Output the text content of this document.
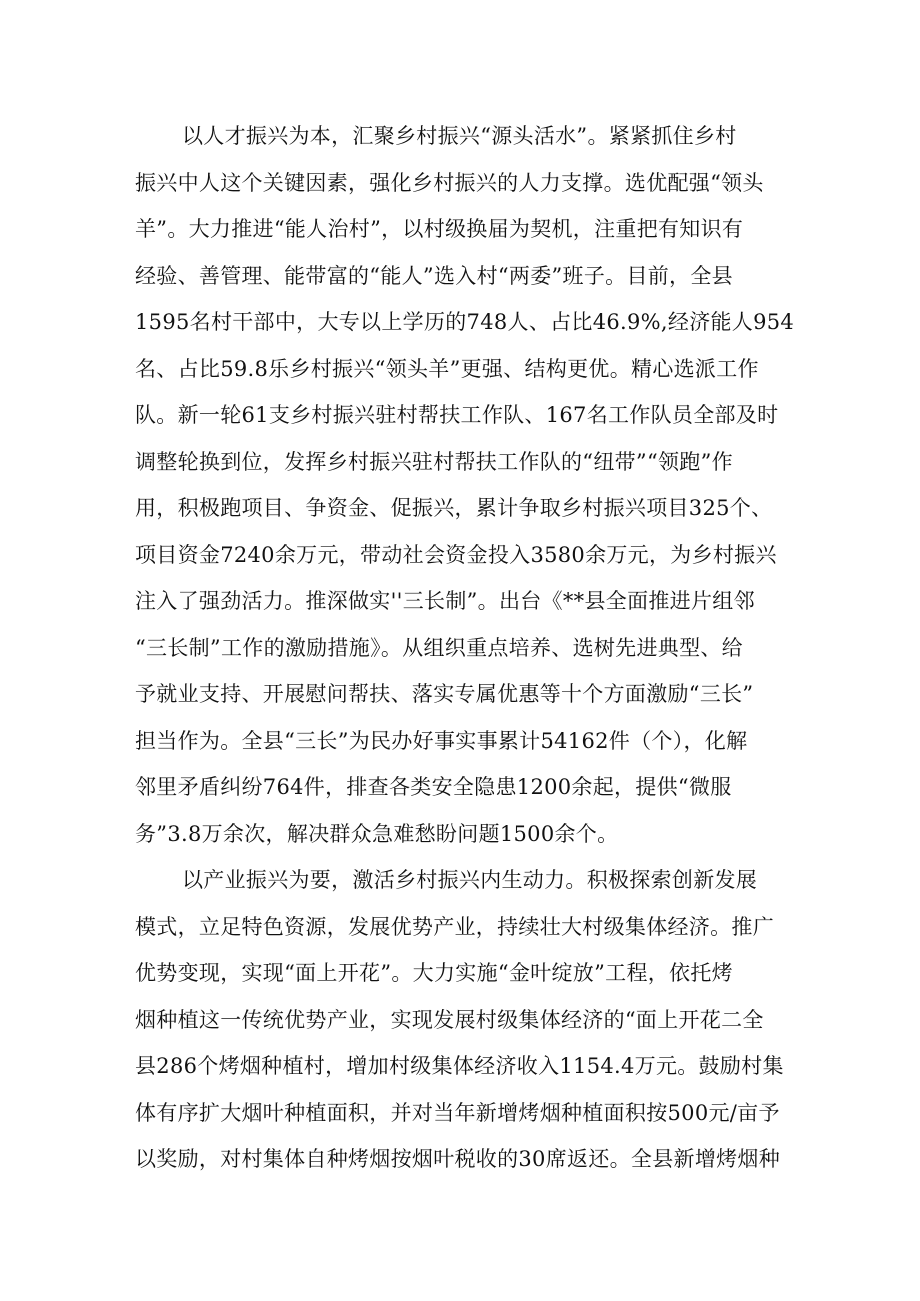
以人才振兴为本，汇聚乡村振兴“源头活水”。紧紧抓住乡村
振兴中人这个关键因素，强化乡村振兴的人力支撑。选优配强“领头
羊”。大力推进“能人治村”，以村级换届为契机，注重把有知识有
经验、善管理、能带富的“能人”选入村“两委”班子。目前，全县
1595名村干部中，大专以上学历的748人、占比46.9%,经济能人954
名、占比59.8乐乡村振兴“领头羊”更强、结构更优。精心选派工作
队。新一轮61支乡村振兴驻村帮扶工作队、167名工作队员全部及时
调整轮换到位，发挥乡村振兴驻村帮扶工作队的“纽带”“领跑”作
用，积极跑项目、争资金、促振兴，累计争取乡村振兴项目325个、
项目资金7240余万元，带动社会资金投入3580余万元，为乡村振兴
注入了强劲活力。推深做实''三长制”。出台《**县全面推进片组邻
“三长制”工作的激励措施》。从组织重点培养、选树先进典型、给
予就业支持、开展慰问帮扶、落实专属优惠等十个方面激励“三长”
担当作为。全县“三长”为民办好事实事累计54162件（个），化解
邻里矛盾纠纷764件，排查各类安全隐患1200余起，提供“微服
务”3.8万余次，解决群众急难愁盼问题1500余个。
以产业振兴为要，激活乡村振兴内生动力。积极探索创新发展
模式，立足特色资源，发展优势产业，持续壮大村级集体经济。推广
优势变现，实现“面上开花”。大力实施“金叶绽放”工程，依托烤
烟种植这一传统优势产业，实现发展村级集体经济的“面上开花二全
县286个烤烟种植村，增加村级集体经济收入1154.4万元。鼓励村集
体有序扩大烟叶种植面积，并对当年新增烤烟种植面积按500元/亩予
以奖励，对村集体自种烤烟按烟叶税收的30席返还。全县新增烤烟种
